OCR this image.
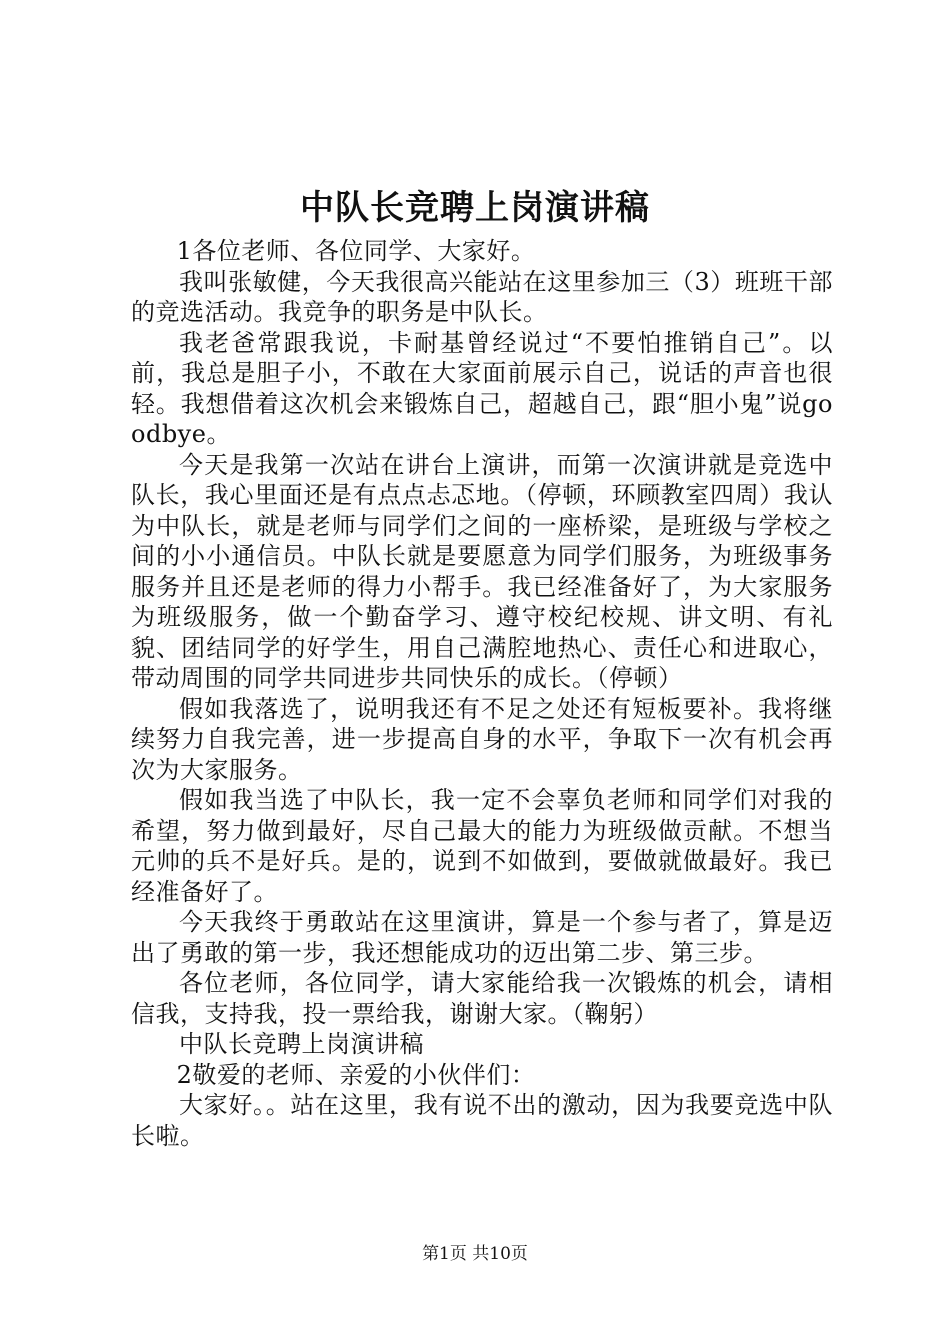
中队长竞聘上岗演讲稿

1各位老师、各位同学、大家好。

我叫张敏健，今天我很高兴能站在这里参加三（3）班班干部的竞选活动。我竞争的职务是中队长。

我老爸常跟我说，卡耐基曾经说过“不要怕推销自己”。以前，我总是胆子小，不敢在大家面前展示自己，说话的声音也很轻。我想借着这次机会来锻炼自己，超越自己，跟“胆小鬼”说goodbye。

今天是我第一次站在讲台上演讲，而第一次演讲就是竞选中队长，我心里面还是有点点忐忑地。（停顿，环顾教室四周）我认为中队长，就是老师与同学们之间的一座桥梁，是班级与学校之间的小小通信员。中队长就是要愿意为同学们服务，为班级事务服务并且还是老师的得力小帮手。我已经准备好了，为大家服务为班级服务，做一个勤奋学习、遵守校纪校规、讲文明、有礼貌、团结同学的好学生，用自己满腔地热心、责任心和进取心，带动周围的同学共同进步共同快乐的成长。（停顿）

假如我落选了，说明我还有不足之处还有短板要补。我将继续努力自我完善，进一步提高自身的水平，争取下一次有机会再次为大家服务。

假如我当选了中队长，我一定不会辜负老师和同学们对我的希望，努力做到最好，尽自己最大的能力为班级做贡献。不想当元帅的兵不是好兵。是的，说到不如做到，要做就做最好。我已经准备好了。

今天我终于勇敢站在这里演讲，算是一个参与者了，算是迈出了勇敢的第一步，我还想能成功的迈出第二步、第三步。

各位老师，各位同学，请大家能给我一次锻炼的机会，请相信我，支持我，投一票给我，谢谢大家。（鞠躬）

中队长竞聘上岗演讲稿

2敬爱的老师、亲爱的小伙伴们：

大家好。。站在这里，我有说不出的激动，因为我要竞选中队长啦。

第1页 共10页
